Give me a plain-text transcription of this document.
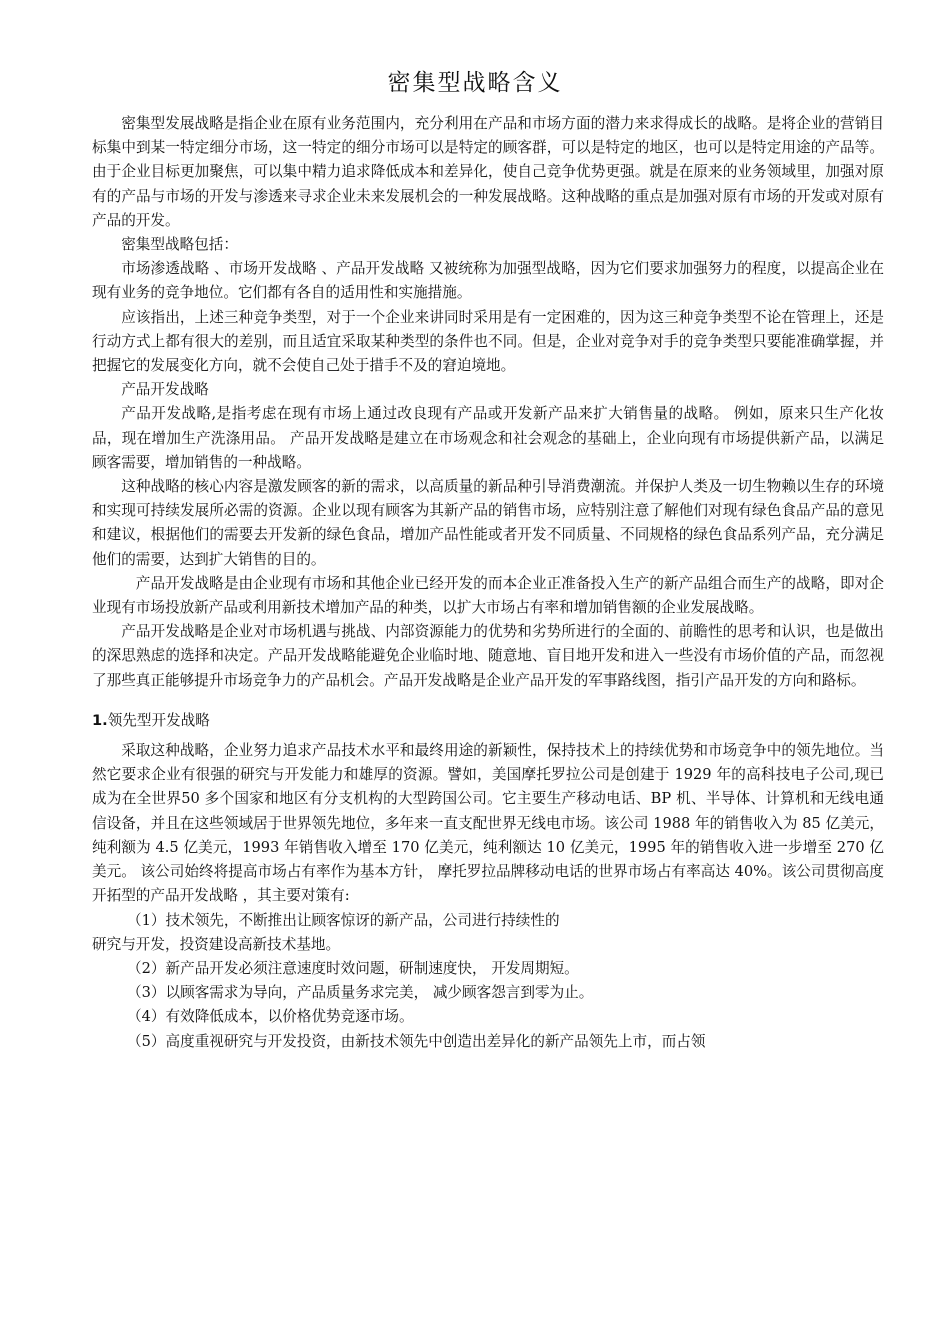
密集型战略含义

密集型发展战略是指企业在原有业务范围内，充分利用在产品和市场方面的潜力来求得成长的战略。是将企业的营销目标集中到某一特定细分市场，这一特定的细分市场可以是特定的顾客群，可以是特定的地区，也可以是特定用途的产品等。由于企业目标更加聚焦，可以集中精力追求降低成本和差异化，使自己竞争优势更强。就是在原来的业务领域里，加强对原有的产品与市场的开发与渗透来寻求企业未来发展机会的一种发展战略。这种战略的重点是加强对原有市场的开发或对原有产品的开发。

密集型战略包括：

市场渗透战略 、市场开发战略 、产品开发战略 又被统称为加强型战略，因为它们要求加强努力的程度，以提高企业在现有业务的竞争地位。它们都有各自的适用性和实施措施。

应该指出，上述三种竞争类型，对于一个企业来讲同时采用是有一定困难的，因为这三种竞争类型不论在管理上，还是行动方式上都有很大的差别，而且适宜采取某种类型的条件也不同。但是，企业对竞争对手的竞争类型只要能准确掌握，并把握它的发展变化方向，就不会使自己处于措手不及的窘迫境地。

产品开发战略

产品开发战略,是指考虑在现有市场上通过改良现有产品或开发新产品来扩大销售量的战略。 例如，原来只生产化妆品，现在增加生产洗涤用品。 产品开发战略是建立在市场观念和社会观念的基础上，企业向现有市场提供新产品，以满足顾客需要，增加销售的一种战略。

这种战略的核心内容是激发顾客的新的需求，以高质量的新品种引导消费潮流。并保护人类及一切生物赖以生存的环境和实现可持续发展所必需的资源。企业以现有顾客为其新产品的销售市场，应特别注意了解他们对现有绿色食品产品的意见和建议，根据他们的需要去开发新的绿色食品，增加产品性能或者开发不同质量、不同规格的绿色食品系列产品，充分满足他们的需要，达到扩大销售的目的。

产品开发战略是由企业现有市场和其他企业已经开发的而本企业正准备投入生产的新产品组合而生产的战略，即对企业现有市场投放新产品或利用新技术增加产品的种类，以扩大市场占有率和增加销售额的企业发展战略。

产品开发战略是企业对市场机遇与挑战、内部资源能力的优势和劣势所进行的全面的、前瞻性的思考和认识，也是做出的深思熟虑的选择和决定。产品开发战略能避免企业临时地、随意地、盲目地开发和进入一些没有市场价值的产品，而忽视了那些真正能够提升市场竞争力的产品机会。产品开发战略是企业产品开发的军事路线图，指引产品开发的方向和路标。

1.领先型开发战略

采取这种战略，企业努力追求产品技术水平和最终用途的新颖性，保持技术上的持续优势和市场竞争中的领先地位。当然它要求企业有很强的研究与开发能力和雄厚的资源。譬如，美国摩托罗拉公司是创建于 1929 年的高科技电子公司,现已成为在全世界50 多个国家和地区有分支机构的大型跨国公司。它主要生产移动电话、BP 机、半导体、计算机和无线电通信设备，并且在这些领域居于世界领先地位，多年来一直支配世界无线电市场。该公司 1988 年的销售收入为 85 亿美元，纯利额为 4.5 亿美元，1993 年销售收入增至 170 亿美元，纯利额达 10 亿美元，1995 年的销售收入进一步增至 270 亿美元。 该公司始终将提高市场占有率作为基本方针， 摩托罗拉品牌移动电话的世界市场占有率高达 40%。该公司贯彻高度开拓型的产品开发战略 ，其主要对策有:

（1）技术领先，不断推出让顾客惊讶的新产品，公司进行持续性的

研究与开发，投资建设高新技术基地。

（2）新产品开发必须注意速度时效问题，研制速度快， 开发周期短。

（3）以顾客需求为导向，产品质量务求完美， 减少顾客怨言到零为止。

（4）有效降低成本，以价格优势竞逐市场。

（5）高度重视研究与开发投资，由新技术领先中创造出差异化的新产品领先上市，而占领
